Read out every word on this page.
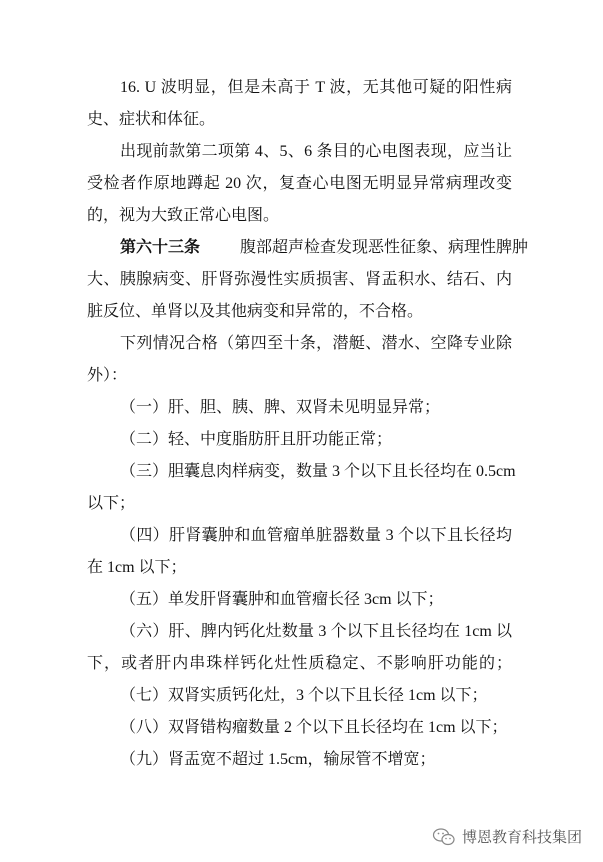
16. U 波明显，但是未高于 T 波，无其他可疑的阳性病
史、症状和体征。
出现前款第二项第 4、5、6 条目的心电图表现，应当让
受检者作原地蹲起 20 次，复查心电图无明显异常病理改变
的，视为大致正常心电图。
第六十三条 腹部超声检查发现恶性征象、病理性脾肿
大、胰腺病变、肝肾弥漫性实质损害、肾盂积水、结石、内
脏反位、单肾以及其他病变和异常的，不合格。
下列情况合格（第四至十条，潜艇、潜水、空降专业除
外）：
（一）肝、胆、胰、脾、双肾未见明显异常；
（二）轻、中度脂肪肝且肝功能正常；
（三）胆囊息肉样病变，数量 3 个以下且长径均在 0.5cm
以下；
（四）肝肾囊肿和血管瘤单脏器数量 3 个以下且长径均
在 1cm 以下；
（五）单发肝肾囊肿和血管瘤长径 3cm 以下；
（六）肝、脾内钙化灶数量 3 个以下且长径均在 1cm 以
下，或者肝内串珠样钙化灶性质稳定、不影响肝功能的；
（七）双肾实质钙化灶，3 个以下且长径 1cm 以下；
（八）双肾错构瘤数量 2 个以下且长径均在 1cm 以下；
（九）肾盂宽不超过 1.5cm，输尿管不增宽；
博恩教育科技集团
